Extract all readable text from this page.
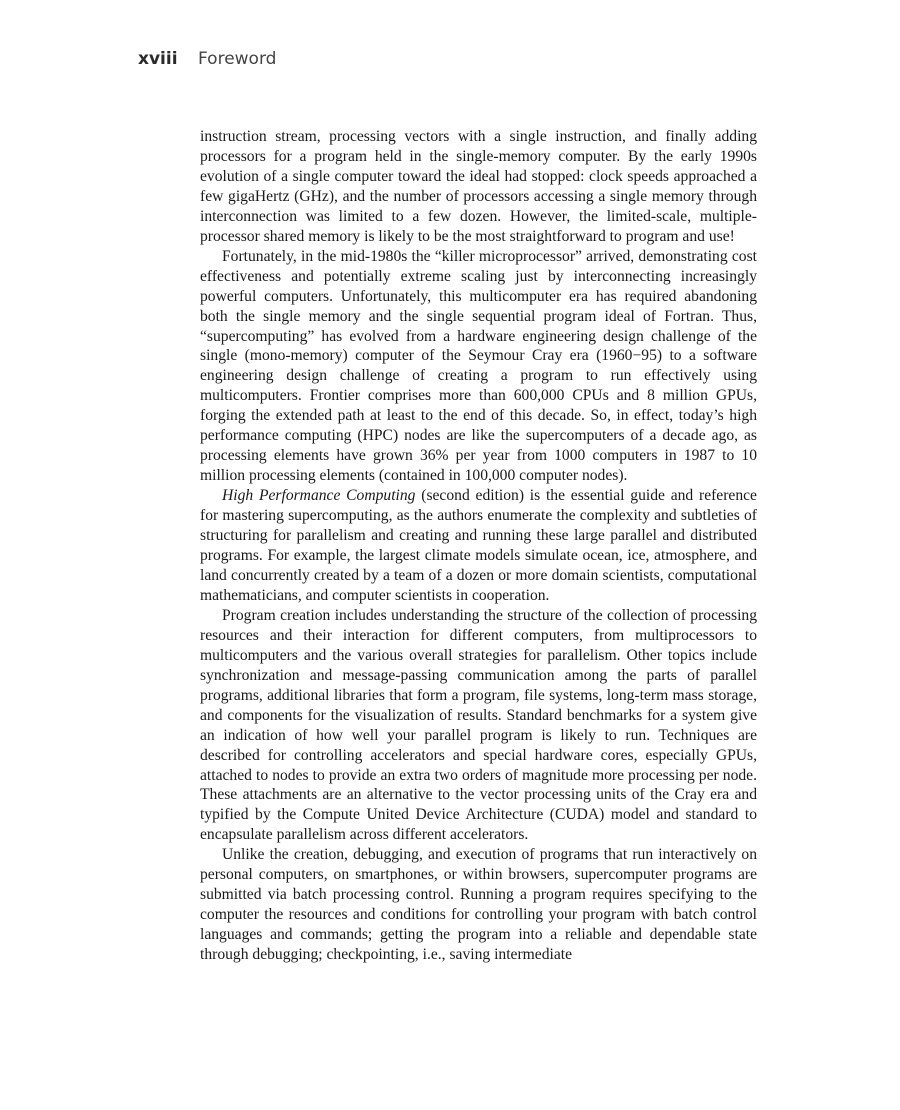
xviii	Foreword

instruction stream, processing vectors with a single instruction, and finally adding processors for a program held in the single-memory computer. By the early 1990s evolution of a single computer toward the ideal had stopped: clock speeds approached a few gigaHertz (GHz), and the number of processors accessing a single memory through interconnection was limited to a few dozen. However, the limited-scale, multiple-processor shared memory is likely to be the most straightforward to program and use!

Fortunately, in the mid-1980s the “killer microprocessor” arrived, demonstrating cost effectiveness and potentially extreme scaling just by interconnecting increasingly powerful computers. Unfortunately, this multicomputer era has required abandoning both the single memory and the single sequential program ideal of Fortran. Thus, “supercomputing” has evolved from a hardware engineering design challenge of the single (mono-memory) computer of the Seymour Cray era (1960−95) to a software engineering design challenge of creating a program to run effectively using multicomputers. Frontier comprises more than 600,000 CPUs and 8 million GPUs, forging the extended path at least to the end of this decade. So, in effect, today’s high performance computing (HPC) nodes are like the supercomputers of a decade ago, as processing elements have grown 36% per year from 1000 computers in 1987 to 10 million processing elements (contained in 100,000 computer nodes).

High Performance Computing (second edition) is the essential guide and reference for mastering supercomputing, as the authors enumerate the complexity and subtleties of structuring for parallelism and creating and running these large parallel and distributed programs. For example, the largest climate models simulate ocean, ice, atmosphere, and land concurrently created by a team of a dozen or more domain scientists, computational mathematicians, and computer scientists in cooperation.

Program creation includes understanding the structure of the collection of processing resources and their interaction for different computers, from multiprocessors to multicomputers and the various overall strategies for parallelism. Other topics include synchronization and message-passing communication among the parts of parallel programs, additional libraries that form a program, file systems, long-term mass storage, and components for the visualization of results. Standard benchmarks for a system give an indication of how well your parallel program is likely to run. Techniques are described for controlling accelerators and special hardware cores, especially GPUs, attached to nodes to provide an extra two orders of magnitude more processing per node. These attachments are an alternative to the vector processing units of the Cray era and typified by the Compute United Device Architecture (CUDA) model and standard to encapsulate parallelism across different accelerators.

Unlike the creation, debugging, and execution of programs that run interactively on personal computers, on smartphones, or within browsers, supercomputer programs are submitted via batch processing control. Running a program requires specifying to the computer the resources and conditions for controlling your program with batch control languages and commands; getting the program into a reliable and dependable state through debugging; checkpointing, i.e., saving intermediate
